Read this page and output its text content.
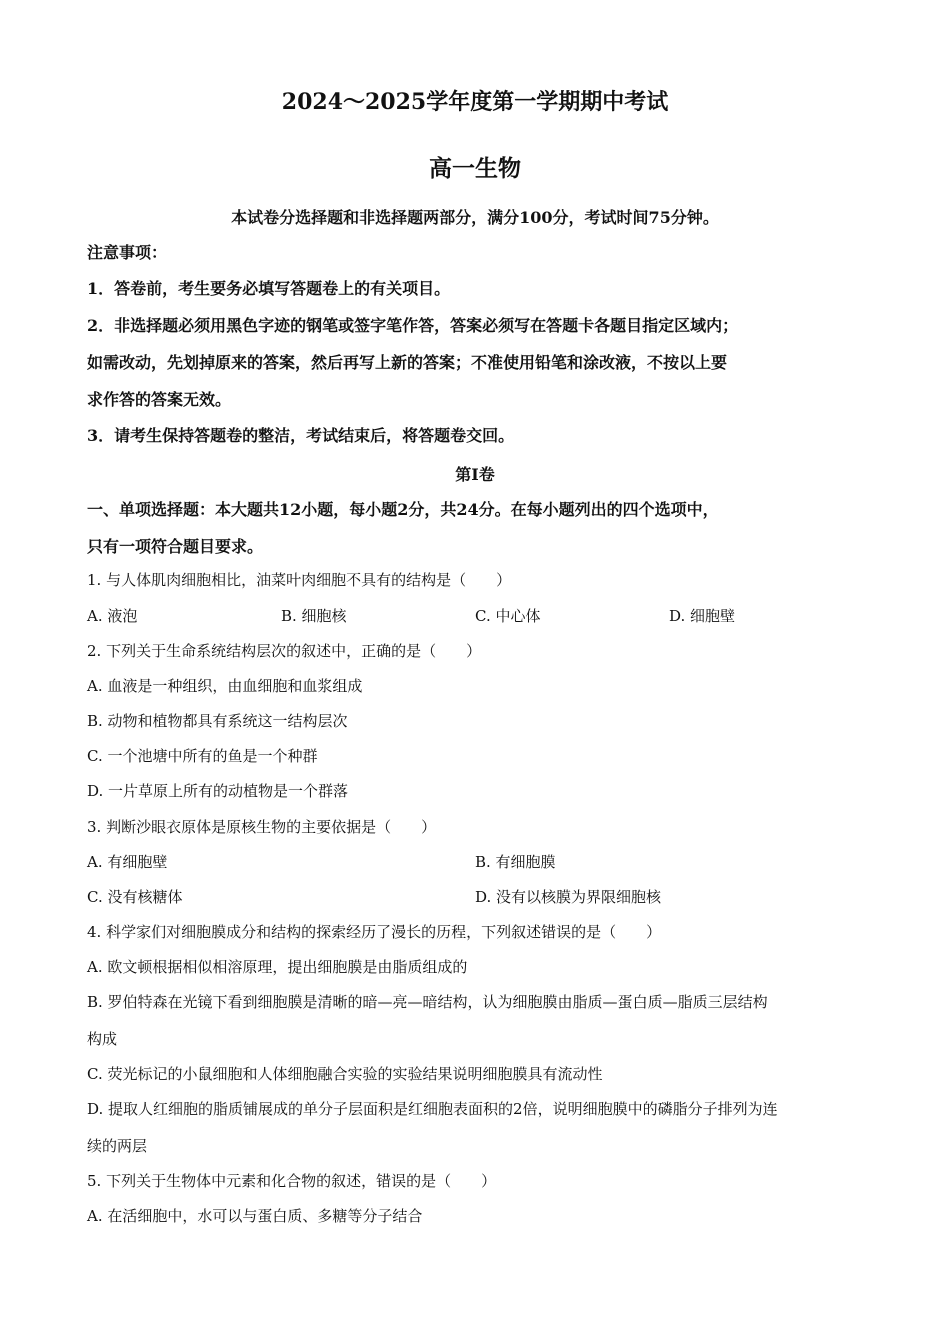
2024～2025学年度第一学期期中考试
高一生物
本试卷分选择题和非选择题两部分，满分100分，考试时间75分钟。
注意事项：
1．答卷前，考生要务必填写答题卷上的有关项目。
2．非选择题必须用黑色字迹的钢笔或签字笔作答，答案必须写在答题卡各题目指定区域内；
如需改动，先划掉原来的答案，然后再写上新的答案；不准使用铅笔和涂改液，不按以上要
求作答的答案无效。
3．请考生保持答题卷的整洁，考试结束后，将答题卷交回。
第Ⅰ卷
一、单项选择题：本大题共12小题，每小题2分，共24分。在每小题列出的四个选项中，
只有一项符合题目要求。
1. 与人体肌肉细胞相比，油菜叶肉细胞不具有的结构是（　　）
A. 液泡	B. 细胞核	C. 中心体	D. 细胞壁
2. 下列关于生命系统结构层次的叙述中，正确的是（　　）
A. 血液是一种组织，由血细胞和血浆组成
B. 动物和植物都具有系统这一结构层次
C. 一个池塘中所有的鱼是一个种群
D. 一片草原上所有的动植物是一个群落
3. 判断沙眼衣原体是原核生物的主要依据是（　　）
A. 有细胞壁	B. 有细胞膜
C. 没有核糖体	D. 没有以核膜为界限细胞核
4. 科学家们对细胞膜成分和结构的探索经历了漫长的历程，下列叙述错误的是（　　）
A. 欧文顿根据相似相溶原理，提出细胞膜是由脂质组成的
B. 罗伯特森在光镜下看到细胞膜是清晰的暗—亮—暗结构，认为细胞膜由脂质—蛋白质—脂质三层结构
构成
C. 荧光标记的小鼠细胞和人体细胞融合实验的实验结果说明细胞膜具有流动性
D. 提取人红细胞的脂质铺展成的单分子层面积是红细胞表面积的2倍，说明细胞膜中的磷脂分子排列为连
续的两层
5. 下列关于生物体中元素和化合物的叙述，错误的是（　　）
A. 在活细胞中，水可以与蛋白质、多糖等分子结合
